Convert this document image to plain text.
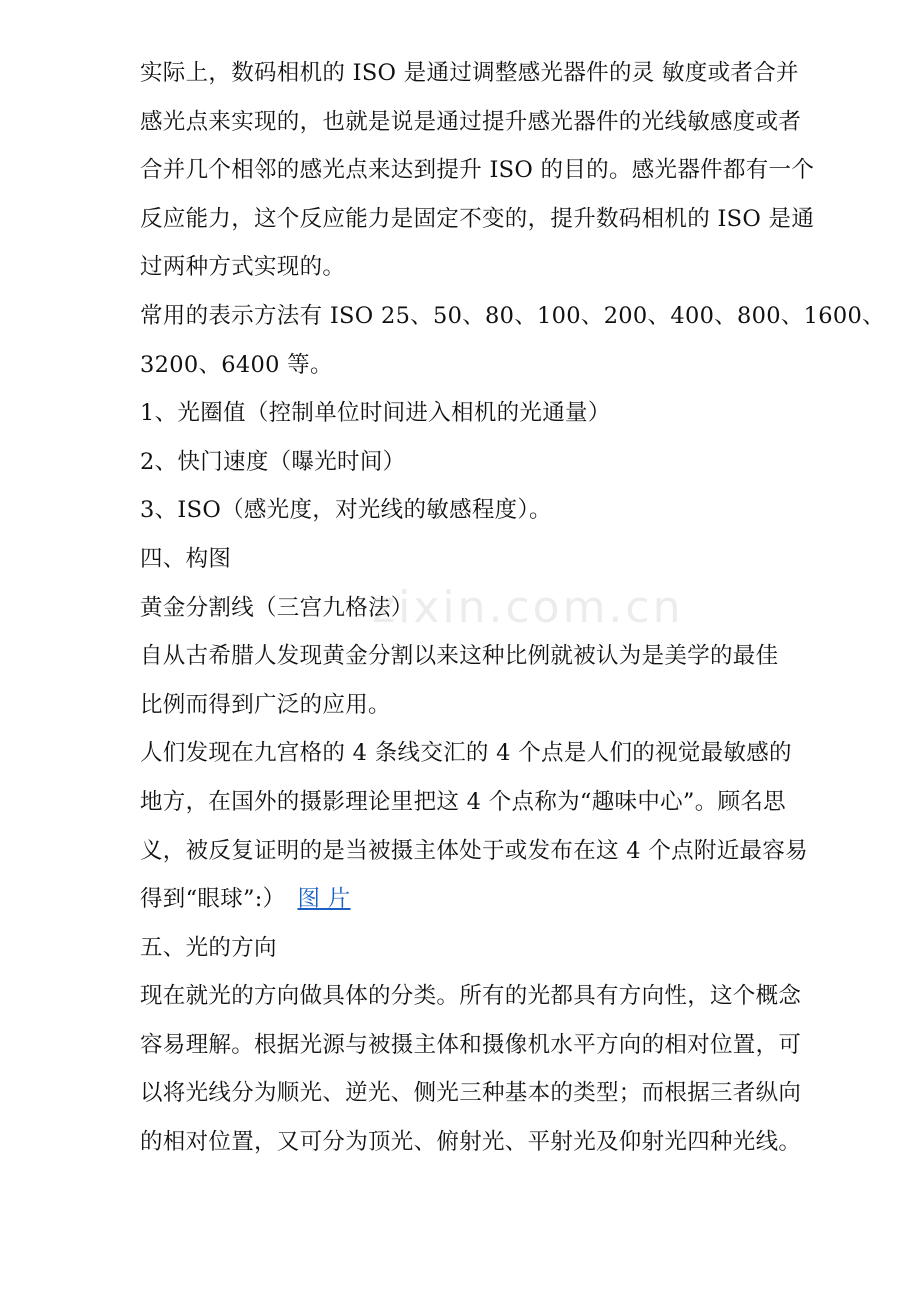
zixin.com.cn
实际上，数码相机的 ISO 是通过调整感光器件的灵 敏度或者合并
感光点来实现的，也就是说是通过提升感光器件的光线敏感度或者
合并几个相邻的感光点来达到提升 ISO 的目的。感光器件都有一个
反应能力，这个反应能力是固定不变的，提升数码相机的 ISO 是通
过两种方式实现的。
常用的表示方法有 ISO 25、50、80、100、200、400、800、1600、
3200、6400 等。
1、光圈值（控制单位时间进入相机的光通量）
2、快门速度（曝光时间）
3、ISO（感光度，对光线的敏感程度）。
四、构图
黄金分割线（三宫九格法）
自从古希腊人发现黄金分割以来这种比例就被认为是美学的最佳
比例而得到广泛的应用。
人们发现在九宫格的 4 条线交汇的 4 个点是人们的视觉最敏感的
地方，在国外的摄影理论里把这 4 个点称为“趣味中心”。顾名思
义，被反复证明的是当被摄主体处于或发布在这 4 个点附近最容易
得到“眼球”:） 图 片
五、光的方向
现在就光的方向做具体的分类。所有的光都具有方向性，这个概念
容易理解。根据光源与被摄主体和摄像机水平方向的相对位置，可
以将光线分为顺光、逆光、侧光三种基本的类型；而根据三者纵向
的相对位置，又可分为顶光、俯射光、平射光及仰射光四种光线。
